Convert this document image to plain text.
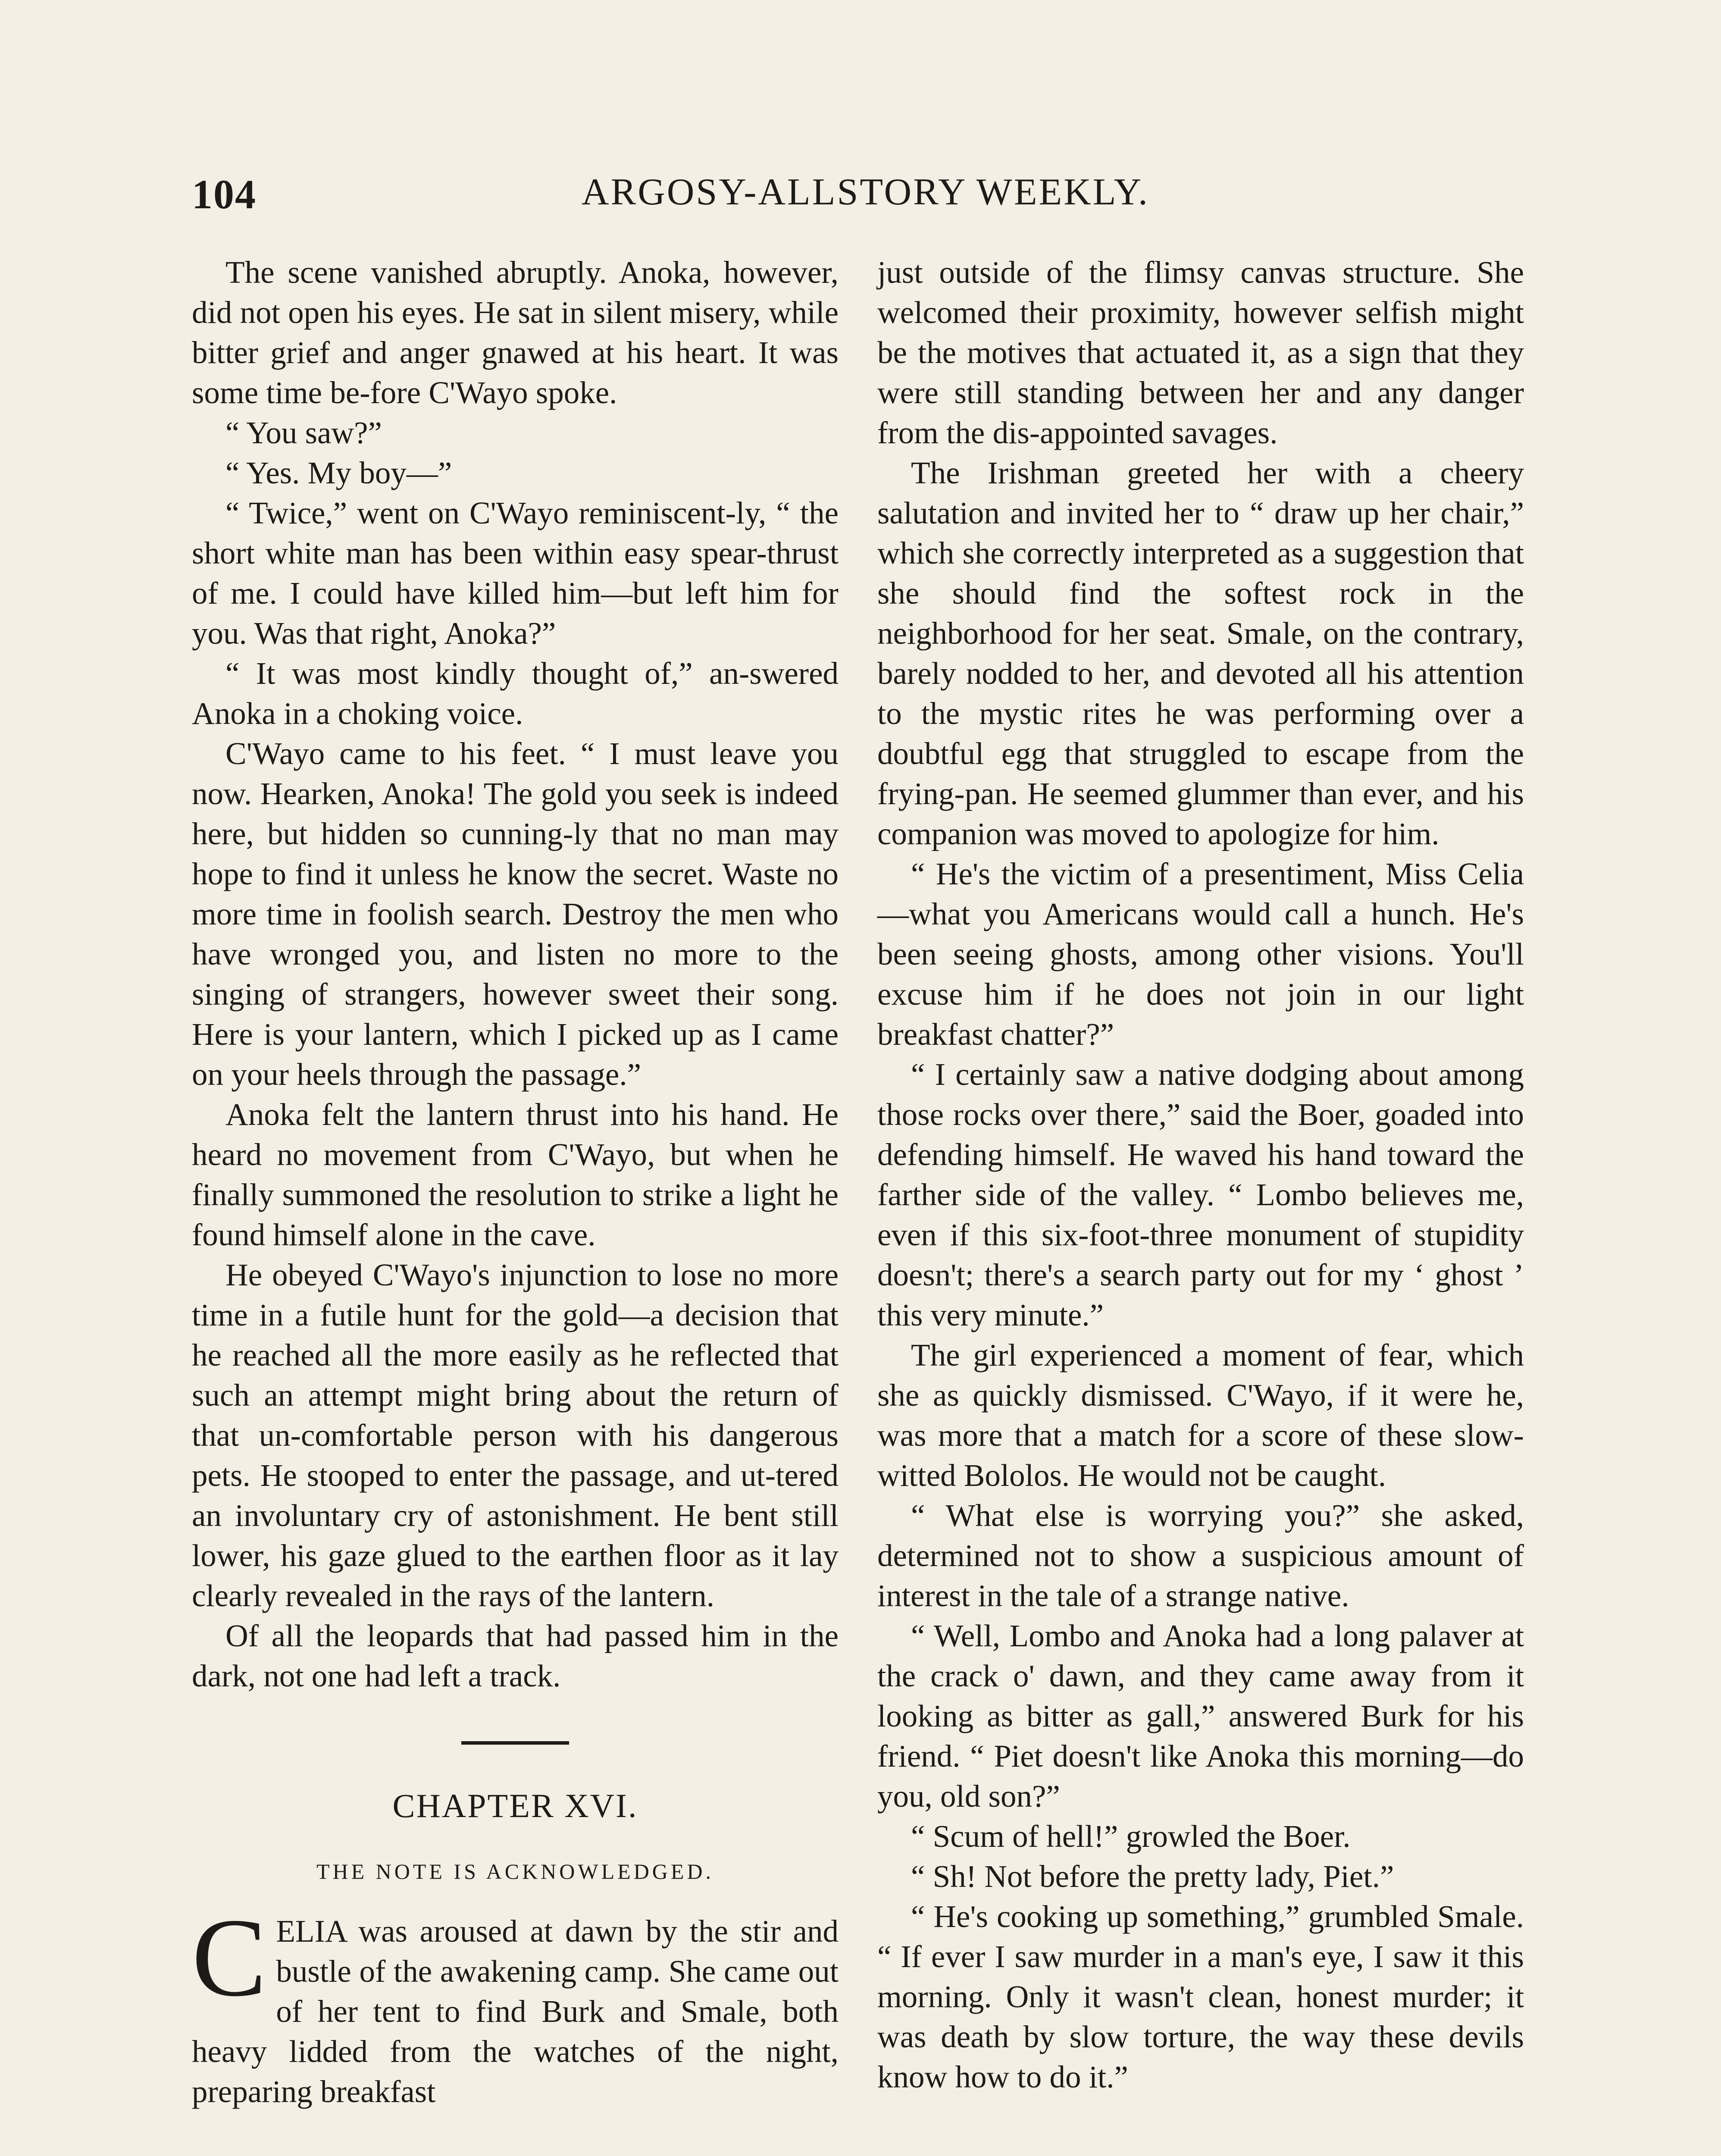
104	ARGOSY-ALLSTORY WEEKLY.

The scene vanished abruptly. Anoka, however, did not open his eyes. He sat in silent misery, while bitter grief and anger gnawed at his heart. It was some time be-fore C'Wayo spoke.

“ You saw?”

“ Yes. My boy—”

“ Twice,” went on C'Wayo reminiscent-ly, “ the short white man has been within easy spear-thrust of me. I could have killed him—but left him for you. Was that right, Anoka?”

“ It was most kindly thought of,” an-swered Anoka in a choking voice.

C'Wayo came to his feet. “ I must leave you now. Hearken, Anoka! The gold you seek is indeed here, but hidden so cunning-ly that no man may hope to find it unless he know the secret. Waste no more time in foolish search. Destroy the men who have wronged you, and listen no more to the singing of strangers, however sweet their song. Here is your lantern, which I picked up as I came on your heels through the passage.”

Anoka felt the lantern thrust into his hand. He heard no movement from C'Wayo, but when he finally summoned the resolution to strike a light he found himself alone in the cave.

He obeyed C'Wayo's injunction to lose no more time in a futile hunt for the gold—a decision that he reached all the more easily as he reflected that such an attempt might bring about the return of that un-comfortable person with his dangerous pets. He stooped to enter the passage, and ut-tered an involuntary cry of astonishment. He bent still lower, his gaze glued to the earthen floor as it lay clearly revealed in the rays of the lantern.

Of all the leopards that had passed him in the dark, not one had left a track.

CHAPTER XVI.
THE NOTE IS ACKNOWLEDGED.

CELIA was aroused at dawn by the stir and bustle of the awakening camp. She came out of her tent to find Burk and Smale, both heavy lidded from the watches of the night, preparing breakfast

just outside of the flimsy canvas structure. She welcomed their proximity, however selfish might be the motives that actuated it, as a sign that they were still standing between her and any danger from the dis-appointed savages.

The Irishman greeted her with a cheery salutation and invited her to “ draw up her chair,” which she correctly interpreted as a suggestion that she should find the softest rock in the neighborhood for her seat. Smale, on the contrary, barely nodded to her, and devoted all his attention to the mystic rites he was performing over a doubtful egg that struggled to escape from the frying-pan. He seemed glummer than ever, and his companion was moved to apologize for him.

“ He's the victim of a presentiment, Miss Celia—what you Americans would call a hunch. He's been seeing ghosts, among other visions. You'll excuse him if he does not join in our light breakfast chatter?”

“ I certainly saw a native dodging about among those rocks over there,” said the Boer, goaded into defending himself. He waved his hand toward the farther side of the valley. “ Lombo believes me, even if this six-foot-three monument of stupidity doesn't; there's a search party out for my ‘ ghost ’ this very minute.”

The girl experienced a moment of fear, which she as quickly dismissed. C'Wayo, if it were he, was more that a match for a score of these slow-witted Bololos. He would not be caught.

“ What else is worrying you?” she asked, determined not to show a suspicious amount of interest in the tale of a strange native.

“ Well, Lombo and Anoka had a long palaver at the crack o' dawn, and they came away from it looking as bitter as gall,” answered Burk for his friend. “ Piet doesn't like Anoka this morning—do you, old son?”

“ Scum of hell!” growled the Boer.

“ Sh! Not before the pretty lady, Piet.”

“ He's cooking up something,” grumbled Smale. “ If ever I saw murder in a man's eye, I saw it this morning. Only it wasn't clean, honest murder; it was death by slow torture, the way these devils know how to do it.”
